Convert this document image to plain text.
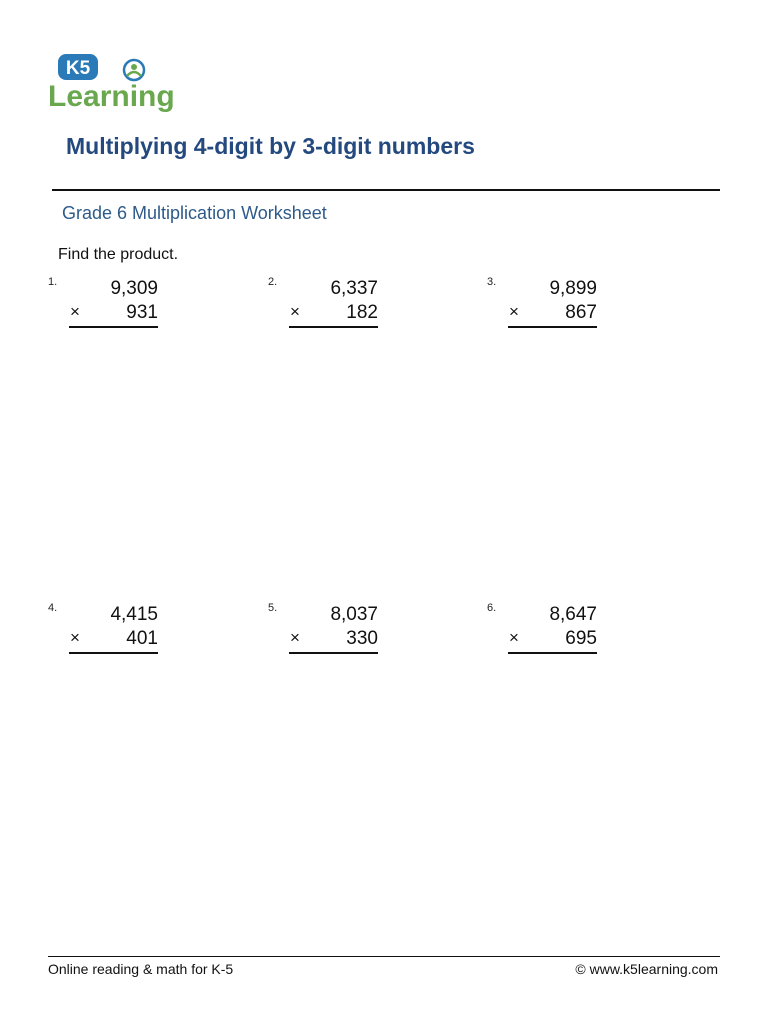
K5
Learning
Multiplying 4-digit by 3-digit numbers
Grade 6 Multiplication Worksheet
Find the product.
1.	9,309
× 931
2.	6,337
× 182
3.	9,899
× 867
4.	4,415
× 401
5.	8,037
× 330
6.	8,647
× 695
Online reading & math for K-5	© www.k5learning.com
